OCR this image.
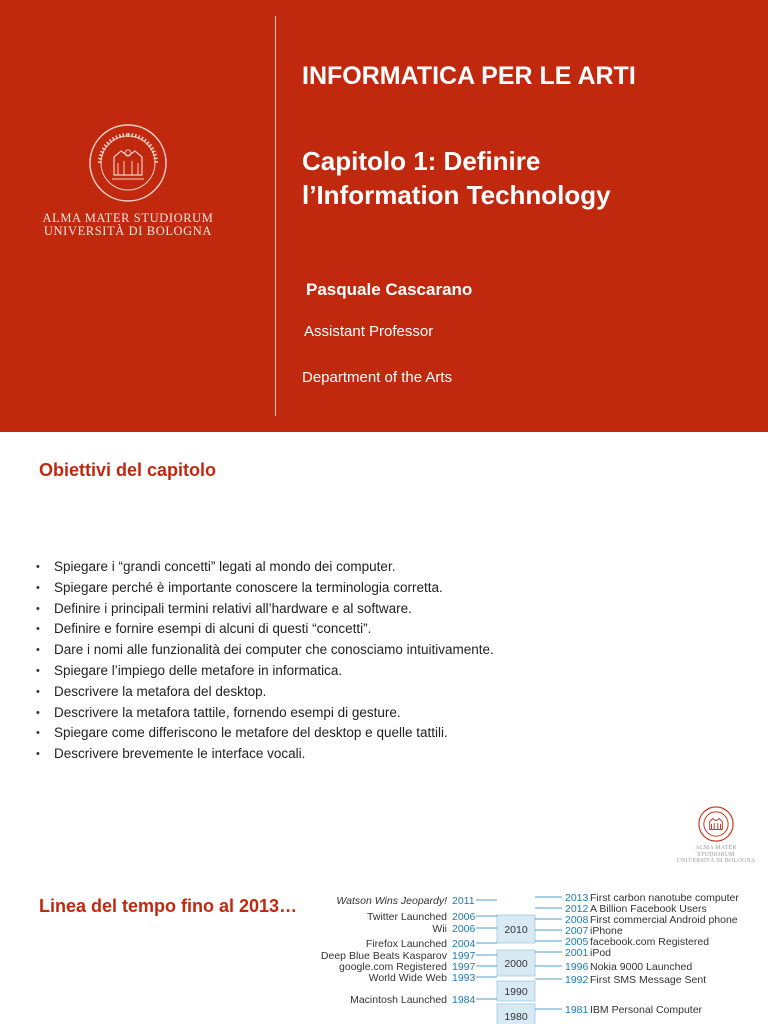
ALMA MATER STUDIORUM
UNIVERSITÀ DI BOLOGNA
INFORMATICA PER LE ARTI
Capitolo 1: Definire
l’Information Technology
Pasquale Cascarano
Assistant Professor
Department of the Arts
Obiettivi del capitolo
• Spiegare i “grandi concetti” legati al mondo dei computer.
• Spiegare perché è importante conoscere la terminologia corretta.
• Definire i principali termini relativi all’hardware e al software.
• Definire e fornire esempi di alcuni di questi “concetti”.
• Dare i nomi alle funzionalità dei computer che conosciamo intuitivamente.
• Spiegare l’impiego delle metafore in informatica.
• Descrivere la metafora del desktop.
• Descrivere la metafora tattile, fornendo esempi di gesture.
• Spiegare come differiscono le metafore del desktop e quelle tattili.
• Descrivere brevemente le interface vocali.
ALMA MATER STUDIORUM
UNIVERSITÀ DI BOLOGNA
Linea del tempo fino al 2013…
2010
2000
1990
1980
Watson Wins Jeopardy! 2011
Twitter Launched 2006
Wii 2006
Firefox Launched 2004
Deep Blue Beats Kasparov 1997
google.com Registered 1997
World Wide Web 1993
Macintosh Launched 1984
2013 First carbon nanotube computer
2012 A Billion Facebook Users
2008 First commercial Android phone
2007 iPhone
2005 facebook.com Registered
2001 iPod
1996 Nokia 9000 Launched
1992 First SMS Message Sent
1981 IBM Personal Computer
